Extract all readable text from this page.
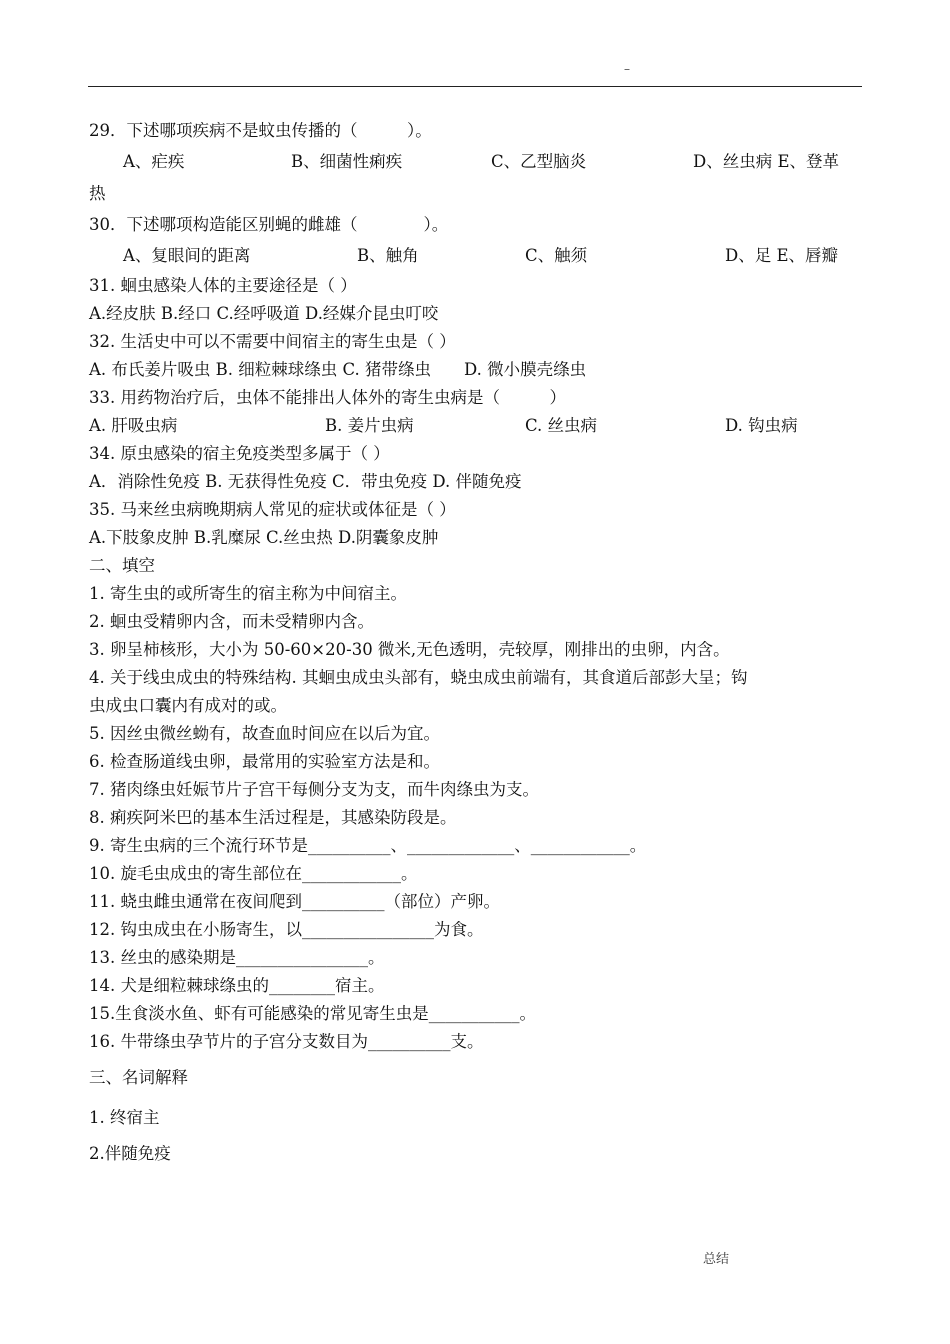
–
29．下述哪项疾病不是蚊虫传播的（　　　）。

A、疟疾

	B、细菌性痢疾

	C、乙型脑炎

	D、丝虫病 E、登革

热
30．下述哪项构造能区别蝇的雌雄（　　　　）。

A、复眼间的距离

	B、触角

	C、触须

	D、足 E、唇瓣

31. 蛔虫感染人体的主要途径是（ ）
A.经皮肤 B.经口 C.经呼吸道 D.经媒介昆虫叮咬
32. 生活史中可以不需要中间宿主的寄生虫是（ ）
A. 布氏姜片吸虫 B. 细粒棘球绦虫 C. 猪带绦虫　　D. 微小膜壳绦虫
33. 用药物治疗后，虫体不能排出人体外的寄生虫病是（　　　）

A. 肝吸虫病

	B. 姜片虫病

	C. 丝虫病

	D. 钩虫病

34. 原虫感染的宿主免疫类型多属于（ ）
A．消除性免疫 B. 无获得性免疫 C．带虫免疫 D. 伴随免疫
35. 马来丝虫病晚期病人常见的症状或体征是（ ）
A.下肢象皮肿 B.乳糜尿 C.丝虫热 D.阴囊象皮肿
二、填空
1. 寄生虫的或所寄生的宿主称为中间宿主。
2. 蛔虫受精卵内含，而未受精卵内含。
3. 卵呈柿核形，大小为 50-60×20-30 微米,无色透明，壳较厚，刚排出的虫卵，内含。
4. 关于线虫成虫的特殊结构. 其蛔虫成虫头部有，蛲虫成虫前端有，其食道后部彭大呈；钩
虫成虫口囊内有成对的或。
5. 因丝虫微丝蚴有，故查血时间应在以后为宜。
6. 检查肠道线虫卵，最常用的实验室方法是和。
7. 猪肉绦虫妊娠节片子宫干每侧分支为支，而牛肉绦虫为支。
8. 痢疾阿米巴的基本生活过程是，其感染防段是。
9. 寄生虫病的三个流行环节是__________、_____________、____________。
10. 旋毛虫成虫的寄生部位在____________。
11. 蛲虫雌虫通常在夜间爬到__________（部位）产卵。
12. 钩虫成虫在小肠寄生，以________________为食。
13. 丝虫的感染期是________________。
14. 犬是细粒棘球绦虫的________宿主。
15.生食淡水鱼、虾有可能感染的常见寄生虫是___________。
16. 牛带绦虫孕节片的子宫分支数目为__________支。
三、名词解释
1. 终宿主
2.伴随免疫
总结
